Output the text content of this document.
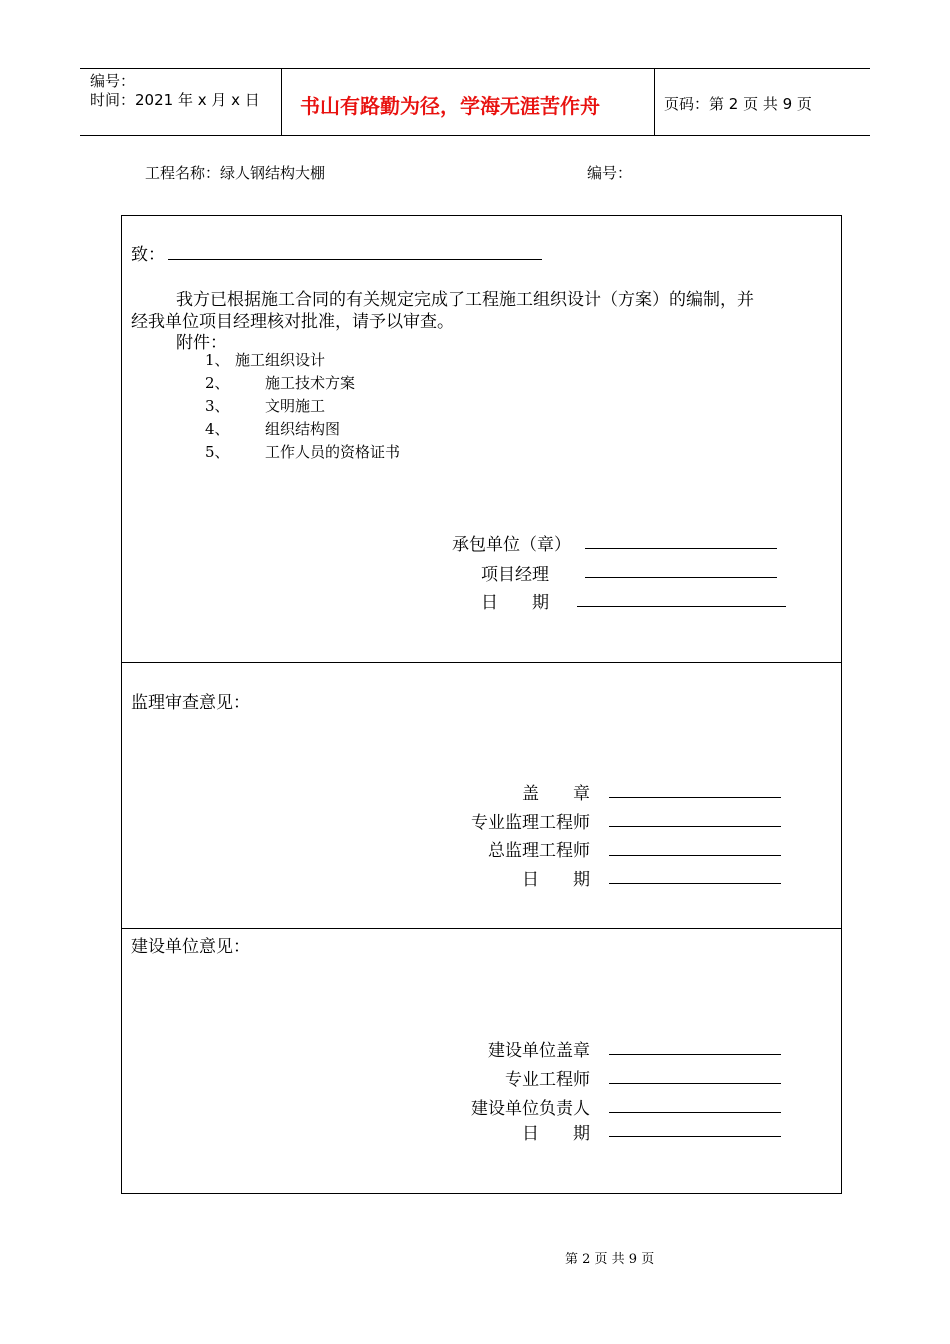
编号：
时间：2021 年 x 月 x 日 书山有路勤为径，学海无涯苦作舟	页码：第 2 页 共 9 页
工程名称：绿人钢结构大棚	编号：
致：
我方已根据施工合同的有关规定完成了工程施工组织设计（方案）的编制，并
经我单位项目经理核对批准，请予以审查。
附件：
1、 施工组织设计
2、 施工技术方案
3、 文明施工
4、 组织结构图
5、 工作人员的资格证书
承包单位（章）
项目经理
日　　期
监理审查意见：
盖　　章
专业监理工程师
总监理工程师
日　　期
建设单位意见：
建设单位盖章
专业工程师
建设单位负责人
日　　期
第 2 页 共 9 页
